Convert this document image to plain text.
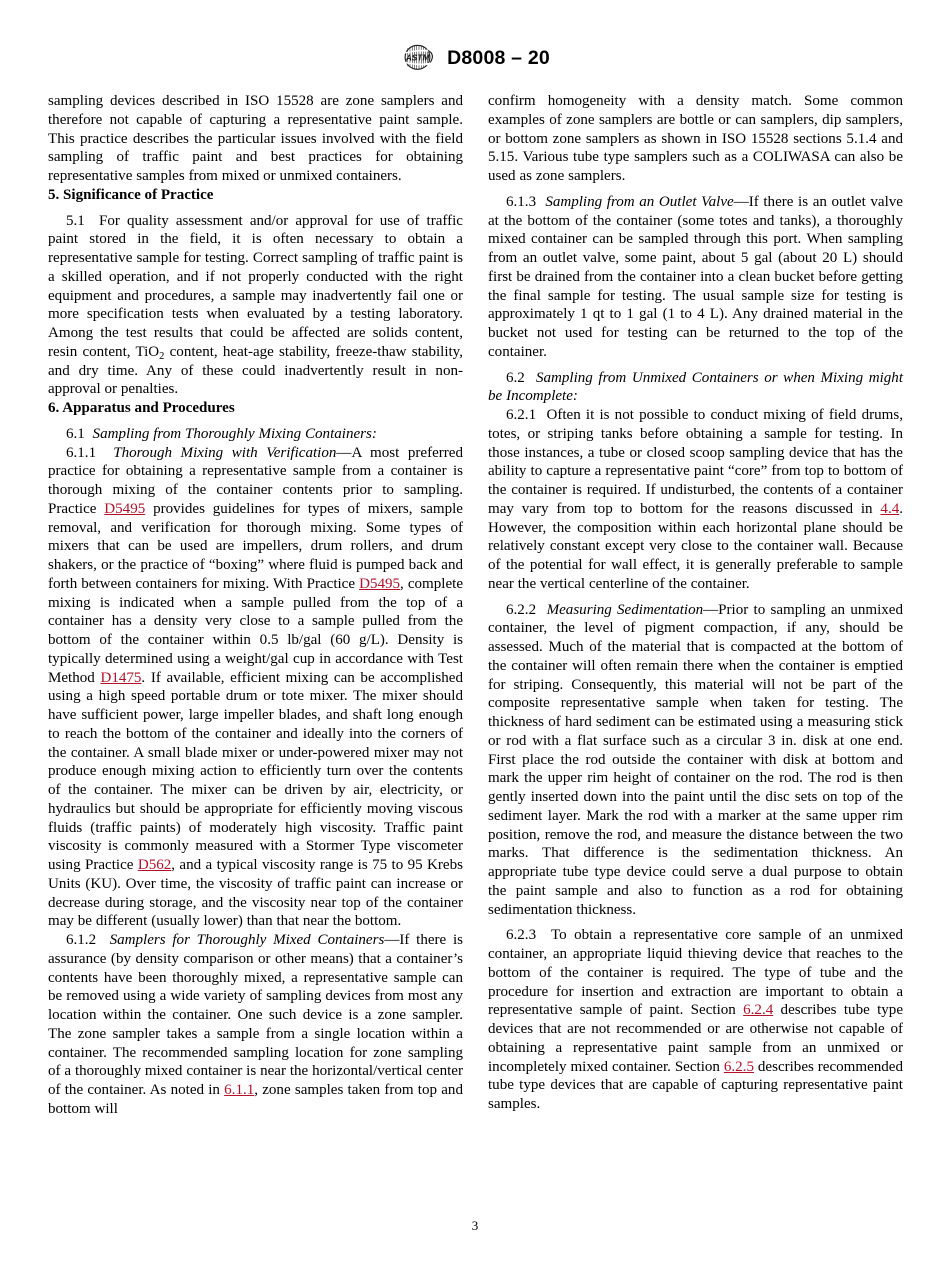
ASTM D8008 – 20

sampling devices described in ISO 15528 are zone samplers and therefore not capable of capturing a representative paint sample. This practice describes the particular issues involved with the field sampling of traffic paint and best practices for obtaining representative samples from mixed or unmixed containers.

5. Significance of Practice

5.1 For quality assessment and/or approval for use of traffic paint stored in the field, it is often necessary to obtain a representative sample for testing. Correct sampling of traffic paint is a skilled operation, and if not properly conducted with the right equipment and procedures, a sample may inadvertently fail one or more specification tests when evaluated by a testing laboratory. Among the test results that could be affected are solids content, resin content, TiO$_2$ content, heat-age stability, freeze-thaw stability, and dry time. Any of these could inadvertently result in non-approval or penalties.

6. Apparatus and Procedures

6.1 Sampling from Thoroughly Mixing Containers:

6.1.1 Thorough Mixing with Verification—A most preferred practice for obtaining a representative sample from a container is thorough mixing of the container contents prior to sampling. Practice D5495 provides guidelines for types of mixers, sample removal, and verification for thorough mixing. Some types of mixers that can be used are impellers, drum rollers, and drum shakers, or the practice of “boxing” where fluid is pumped back and forth between containers for mixing. With Practice D5495, complete mixing is indicated when a sample pulled from the top of a container has a density very close to a sample pulled from the bottom of the container within 0.5 lb/gal (60 g/L). Density is typically determined using a weight/gal cup in accordance with Test Method D1475. If available, efficient mixing can be accomplished using a high speed portable drum or tote mixer. The mixer should have sufficient power, large impeller blades, and shaft long enough to reach the bottom of the container and ideally into the corners of the container. A small blade mixer or under-powered mixer may not produce enough mixing action to efficiently turn over the contents of the container. The mixer can be driven by air, electricity, or hydraulics but should be appropriate for efficiently moving viscous fluids (traffic paints) of moderately high viscosity. Traffic paint viscosity is commonly measured with a Stormer Type viscometer using Practice D562, and a typical viscosity range is 75 to 95 Krebs Units (KU). Over time, the viscosity of traffic paint can increase or decrease during storage, and the viscosity near top of the container may be different (usually lower) than that near the bottom.

6.1.2 Samplers for Thoroughly Mixed Containers—If there is assurance (by density comparison or other means) that a container’s contents have been thoroughly mixed, a representative sample can be removed using a wide variety of sampling devices from most any location within the container. One such device is a zone sampler. The zone sampler takes a sample from a single location within a container. The recommended sampling location for zone sampling of a thoroughly mixed container is near the horizontal/vertical center of the container. As noted in 6.1.1, zone samples taken from top and bottom will

confirm homogeneity with a density match. Some common examples of zone samplers are bottle or can samplers, dip samplers, or bottom zone samplers as shown in ISO 15528 sections 5.1.4 and 5.15. Various tube type samplers such as a COLIWASA can also be used as zone samplers.

6.1.3 Sampling from an Outlet Valve—If there is an outlet valve at the bottom of the container (some totes and tanks), a thoroughly mixed container can be sampled through this port. When sampling from an outlet valve, some paint, about 5 gal (about 20 L) should first be drained from the container into a clean bucket before getting the final sample for testing. The usual sample size for testing is approximately 1 qt to 1 gal (1 to 4 L). Any drained material in the bucket not used for testing can be returned to the top of the container.

6.2 Sampling from Unmixed Containers or when Mixing might be Incomplete:

6.2.1 Often it is not possible to conduct mixing of field drums, totes, or striping tanks before obtaining a sample for testing. In those instances, a tube or closed scoop sampling device that has the ability to capture a representative paint “core” from top to bottom of the container is required. If undisturbed, the contents of a container may vary from top to bottom for the reasons discussed in 4.4. However, the composition within each horizontal plane should be relatively constant except very close to the container wall. Because of the potential for wall effect, it is generally preferable to sample near the vertical centerline of the container.

6.2.2 Measuring Sedimentation—Prior to sampling an unmixed container, the level of pigment compaction, if any, should be assessed. Much of the material that is compacted at the bottom of the container will often remain there when the container is emptied for striping. Consequently, this material will not be part of the composite representative sample when taken for testing. The thickness of hard sediment can be estimated using a measuring stick or rod with a flat surface such as a circular 3 in. disk at one end. First place the rod outside the container with disk at bottom and mark the upper rim height of container on the rod. The rod is then gently inserted down into the paint until the disc sets on top of the sediment layer. Mark the rod with a marker at the same upper rim position, remove the rod, and measure the distance between the two marks. That difference is the sedimentation thickness. An appropriate tube type device could serve a dual purpose to obtain the paint sample and also to function as a rod for obtaining sedimentation thickness.

6.2.3 To obtain a representative core sample of an unmixed container, an appropriate liquid thieving device that reaches to the bottom of the container is required. The type of tube and the procedure for insertion and extraction are important to obtain a representative sample of paint. Section 6.2.4 describes tube type devices that are not recommended or are otherwise not capable of obtaining a representative paint sample from an unmixed or incompletely mixed container. Section 6.2.5 describes recommended tube type devices that are capable of capturing representative paint samples.

3
